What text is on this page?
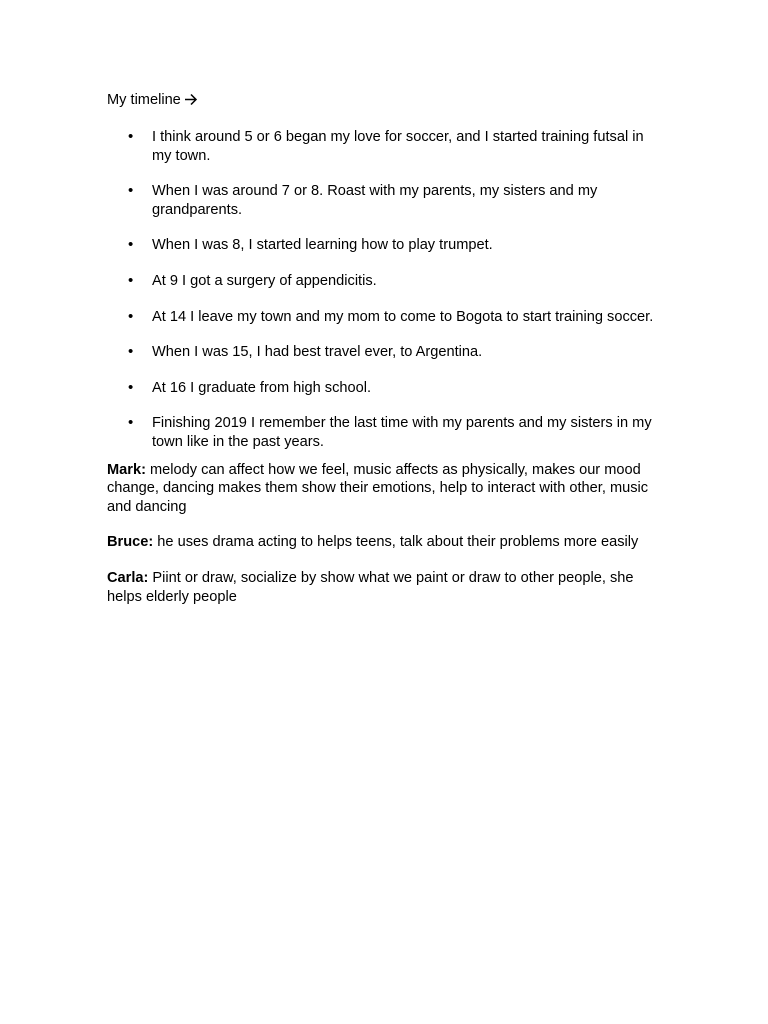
My timeline

• I think around 5 or 6 began my love for soccer, and I started training futsal in my town.
• When I was around 7 or 8. Roast with my parents, my sisters and my grandparents.
• When I was 8, I started learning how to play trumpet.
• At 9 I got a surgery of appendicitis.
• At 14 I leave my town and my mom to come to Bogota to start training soccer.
• When I was 15, I had best travel ever, to Argentina.
• At 16 I graduate from high school.
• Finishing 2019 I remember the last time with my parents and my sisters in my town like in the past years.

Mark: melody can affect how we feel, music affects as physically, makes our mood change, dancing makes them show their emotions, help to interact with other, music and dancing

Bruce: he uses drama acting to helps teens, talk about their problems more easily

Carla: Piint or draw, socialize by show what we paint or draw to other people, she helps elderly people
